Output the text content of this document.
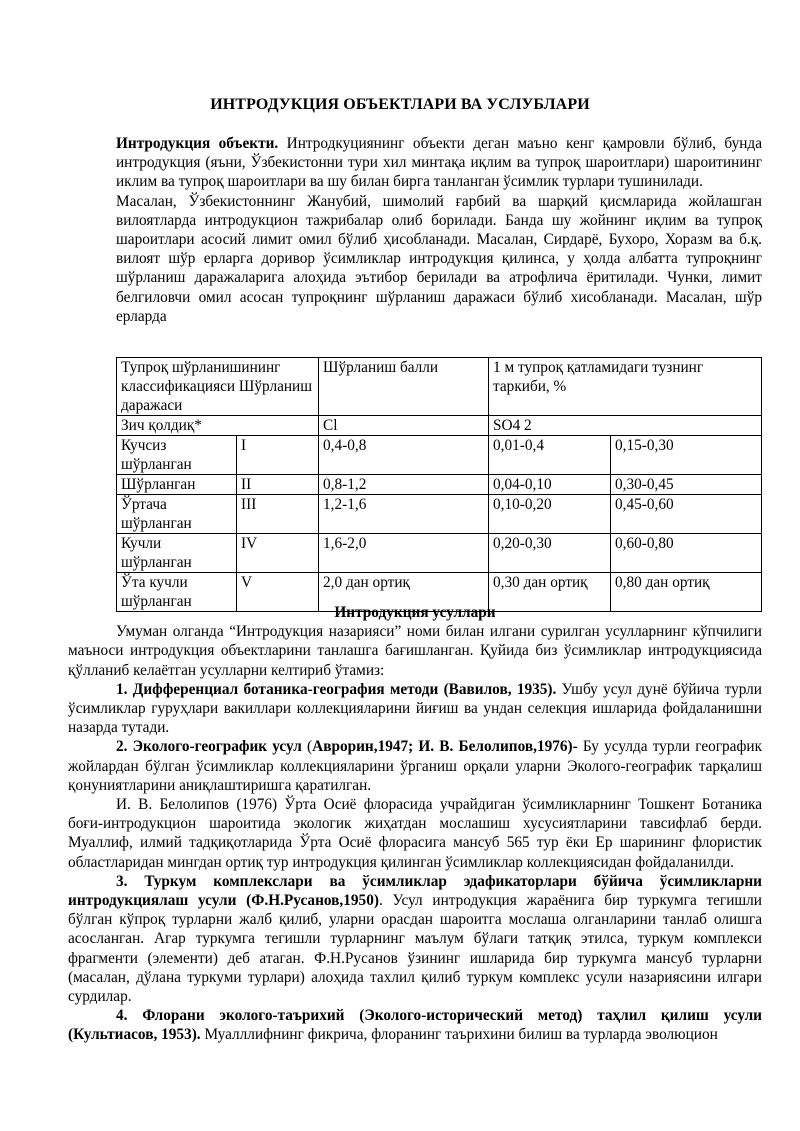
ИНТРОДУКЦИЯ ОБЪЕКТЛАРИ ВА УСЛУБЛАРИ

Интродукция объекти. Интродкуциянинг объекти деган маъно кенг қамровли бўлиб, бунда интродукция (яъни, Ўзбекистонни тури хил минтақа иқлим ва тупроқ шароитлари) шароитининг иклим ва тупроқ шароитлари ва шу билан бирга танланган ўсимлик турлари тушинилади.

Масалан, Ўзбекистоннинг Жанубий, шимолий ғарбий ва шарқий қисмларида жойлашган вилоятларда интродукцион тажрибалар олиб борилади. Банда шу жойнинг иқлим ва тупроқ шароитлари асосий лимит омил бўлиб ҳисобланади. Масалан, Сирдарё, Бухоро, Хоразм ва б.қ. вилоят шўр ерларга доривор ўсимликлар интродукция қилинса, у ҳолда албатта тупроқнинг шўрланиш даражаларига алоҳида эътибор берилади ва атрофлича ёритилади. Чунки, лимит белгиловчи омил асосан тупроқнинг шўрланиш даражаси бўлиб хисобланади. Масалан, шўр ерларда

Тупроқ шўрланишининг классификацияси Шўрланиш даражаси		Шўрланиш балли	1 м тупроқ қатламидаги тузнинг таркиби, %	
Зич қолдиқ*		Cl	SO4 2	
Кучсиз шўрланган	I	0,4-0,8	0,01-0,4	0,15-0,30
Шўрланган	II	0,8-1,2	0,04-0,10	0,30-0,45
Ўртача шўрланган	III	1,2-1,6	0,10-0,20	0,45-0,60
Кучли шўрланган	IV	1,6-2,0	0,20-0,30	0,60-0,80
Ўта кучли шўрланган	V	2,0 дан ортиқ	0,30 дан ортиқ	0,80 дан ортиқ

Интродукция усуллари

Умуман олганда “Интродукция назарияси” номи билан илгани сурилган усулларнинг кўпчилиги маъноси интродукция объектларини танлашга бағишланган. Қуйида биз ўсимликлар интродукциясида қўлланиб келаётган усулларни келтириб ўтамиз:

1. Дифференциал ботаника-география методи (Вавилов, 1935). Ушбу усул дунё бўйича турли ўсимликлар гуруҳлари вакиллари коллекцияларини йиғиш ва ундан селекция ишларида фойдаланишни назарда тутади.

2. Эколого-географик усул (Аврорин,1947; И. В. Белолипов,1976)- Бу усулда турли географик жойлардан бўлган ўсимликлар коллекцияларини ўрганиш орқали уларни Эколого-географик тарқалиш қонуниятларини аниқлаштиришга қаратилган.

И. В. Белолипов (1976) Ўрта Осиё флорасида учрайдиган ўсимликларнинг Тошкент Ботаника боғи-интродукцион шароитида экологик жиҳатдан мослашиш хусусиятларини тавсифлаб берди. Муаллиф, илмий тадқиқотларида Ўрта Осиё флорасига мансуб 565 тур ёки Ер шарининг флористик областларидан мингдан ортиқ тур интродукция қилинган ўсимликлар коллекциясидан фойдаланилди.

3. Туркум комплекслари ва ўсимликлар эдафикаторлари бўйича ўсимликларни интродукциялаш усули (Ф.Н.Русанов,1950). Усул интродукция жараёнига бир туркумга тегишли бўлган кўпроқ турларни жалб қилиб, уларни орасдан шароитга мослаша олганларини танлаб олишга асосланган. Агар туркумга тегишли турларнинг маълум бўлаги татқиқ этилса, туркум комплекси фрагменти (элементи) деб атаган. Ф.Н.Русанов ўзининг ишларида бир туркумга мансуб турларни (масалан, дўлана туркуми турлари) алоҳида тахлил қилиб туркум комплекс усули назариясини илгари сурдилар.

4. Флорани эколого-таърихий (Эколого-исторический метод) таҳлил қилиш усули (Культиасов, 1953). Муалллифнинг фикрича, флоранинг таърихини билиш ва турларда эволюцион
